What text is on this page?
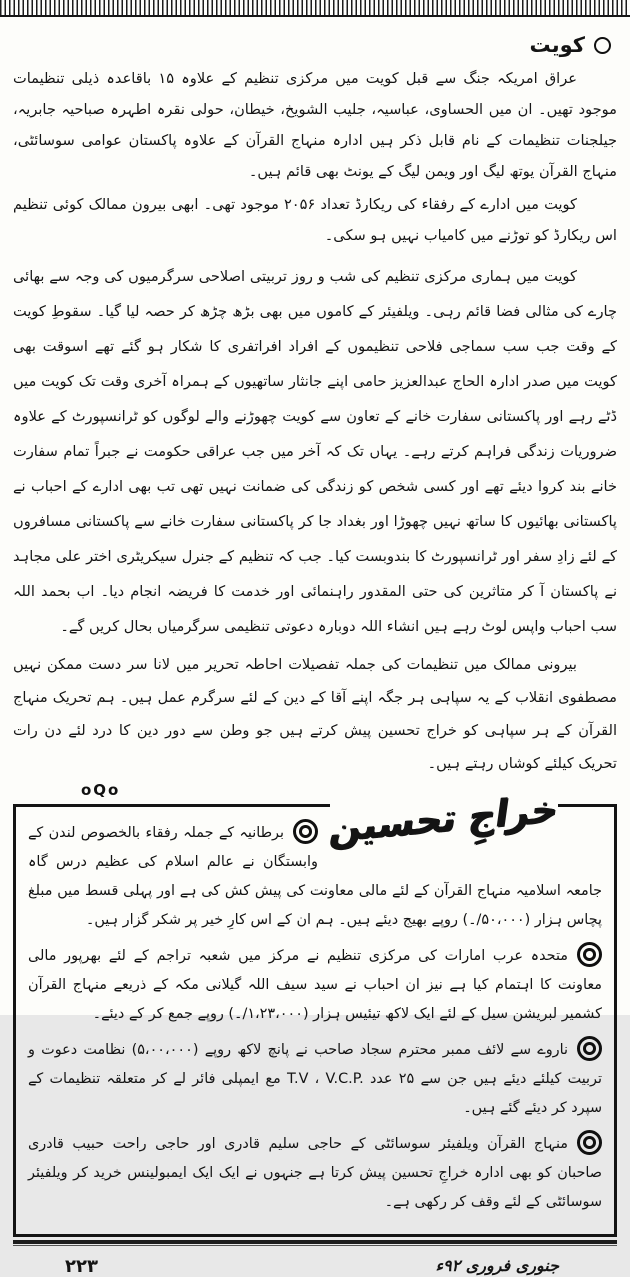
کویت

عراق امریکہ جنگ سے قبل کویت میں مرکزی تنظیم کے علاوہ ۱۵ باقاعدہ ذیلی تنظیمات موجود تھیں۔ ان میں الحساوی، عباسیہ، جلیب الشویخ، خیطان، حولی نقرہ اطہرہ صباحیہ جابریہ، جیلجنات تنظیمات کے نام قابل ذکر ہیں ادارہ منہاج القرآن کے علاوہ پاکستان عوامی سوسائٹی، منہاج القرآن یوتھ لیگ اور ویمن لیگ کے یونٹ بھی قائم ہیں۔

کویت میں ادارے کے رفقاء کی ریکارڈ تعداد ۲۰۵۶ موجود تھی۔ ابھی بیرون ممالک کوئی تنظیم اس ریکارڈ کو توڑنے میں کامیاب نہیں ہو سکی۔

کویت میں ہماری مرکزی تنظیم کی شب و روز تربیتی اصلاحی سرگرمیوں کی وجہ سے بھائی چارے کی مثالی فضا قائم رہی۔ ویلفیئر کے کاموں میں بھی بڑھ چڑھ کر حصہ لیا گیا۔ سقوطِ کویت کے وقت جب سب سماجی فلاحی تنظیموں کے افراد افراتفری کا شکار ہو گئے تھے اسوقت بھی کویت میں صدر ادارہ الحاج عبدالعزیز حامی اپنے جانثار ساتھیوں کے ہمراہ آخری وقت تک کویت میں ڈٹے رہے اور پاکستانی سفارت خانے کے تعاون سے کویت چھوڑنے والے لوگوں کو ٹرانسپورٹ کے علاوہ ضروریات زندگی فراہم کرتے رہے۔ یہاں تک کہ آخر میں جب عراقی حکومت نے جبراً تمام سفارت خانے بند کروا دیئے تھے اور کسی شخص کو زندگی کی ضمانت نہیں تھی تب بھی ادارے کے احباب نے پاکستانی بھائیوں کا ساتھ نہیں چھوڑا اور بغداد جا کر پاکستانی سفارت خانے سے پاکستانی مسافروں کے لئے زادِ سفر اور ٹرانسپورٹ کا بندوبست کیا۔ جب کہ تنظیم کے جنرل سیکریٹری اختر علی مجاہد نے پاکستان آ کر متاثرین کی حتی المقدور راہنمائی اور خدمت کا فریضہ انجام دیا۔ اب بحمد اللہ سب احباب واپس لوٹ رہے ہیں انشاء اللہ دوبارہ دعوتی تنظیمی سرگرمیاں بحال کریں گے۔

بیرونی ممالک میں تنظیمات کی جملہ تفصیلات احاطہ تحریر میں لانا سر دست ممکن نہیں مصطفوی انقلاب کے یہ سپاہی ہر جگہ اپنے آقا کے دین کے لئے سرگرم عمل ہیں۔ ہم تحریک منہاج القرآن کے ہر سپاہی کو خراج تحسین پیش کرتے ہیں جو وطن سے دور دین کا درد لئے دن رات تحریک کیلئے کوشاں رہتے ہیں۔

oQo	خراجِ تحسین
برطانیہ کے جملہ رفقاء بالخصوص لندن کے وابستگان نے عالم اسلام کی عظیم درس گاہ جامعہ اسلامیہ منہاج القرآن کے لئے مالی معاونت کی پیش کش کی ہے اور پہلی قسط میں مبلغ پچاس ہزار (۵۰،۰۰۰/۔) روپے بھیج دیئے ہیں۔ ہم ان کے اس کارِ خیر پر شکر گزار ہیں۔
متحدہ عرب امارات کی مرکزی تنظیم نے مرکز میں شعبہ تراجم کے لئے بھرپور مالی معاونت کا اہتمام کیا ہے نیز ان احباب نے سید سیف اللہ گیلانی مکہ کے ذریعے منہاج القرآن کشمیر لبریشن سیل کے لئے ایک لاکھ تیئیس ہزار (۱،۲۳،۰۰۰/۔) روپے جمع کر کے دیئے۔
ناروے سے لائف ممبر محترم سجاد صاحب نے پانچ لاکھ روپے (۵،۰۰،۰۰۰) نظامت دعوت و تربیت کیلئے دیئے ہیں جن سے ۲۵ عدد ‎T.V ، V.C.P.‎ مع ایمپلی فائر لے کر متعلقہ تنظیمات کے سپرد کر دیئے گئے ہیں۔
منہاج القرآن ویلفیئر سوسائٹی کے حاجی سلیم قادری اور حاجی راحت حبیب قادری صاحبان کو بھی ادارہ خراجِ تحسین پیش کرتا ہے جنہوں نے ایک ایک ایمبولینس خرید کر ویلفیئر سوسائٹی کے لئے وقف کر رکھی ہے۔
۲۲۳	جنوری فروری ۹۲ء
